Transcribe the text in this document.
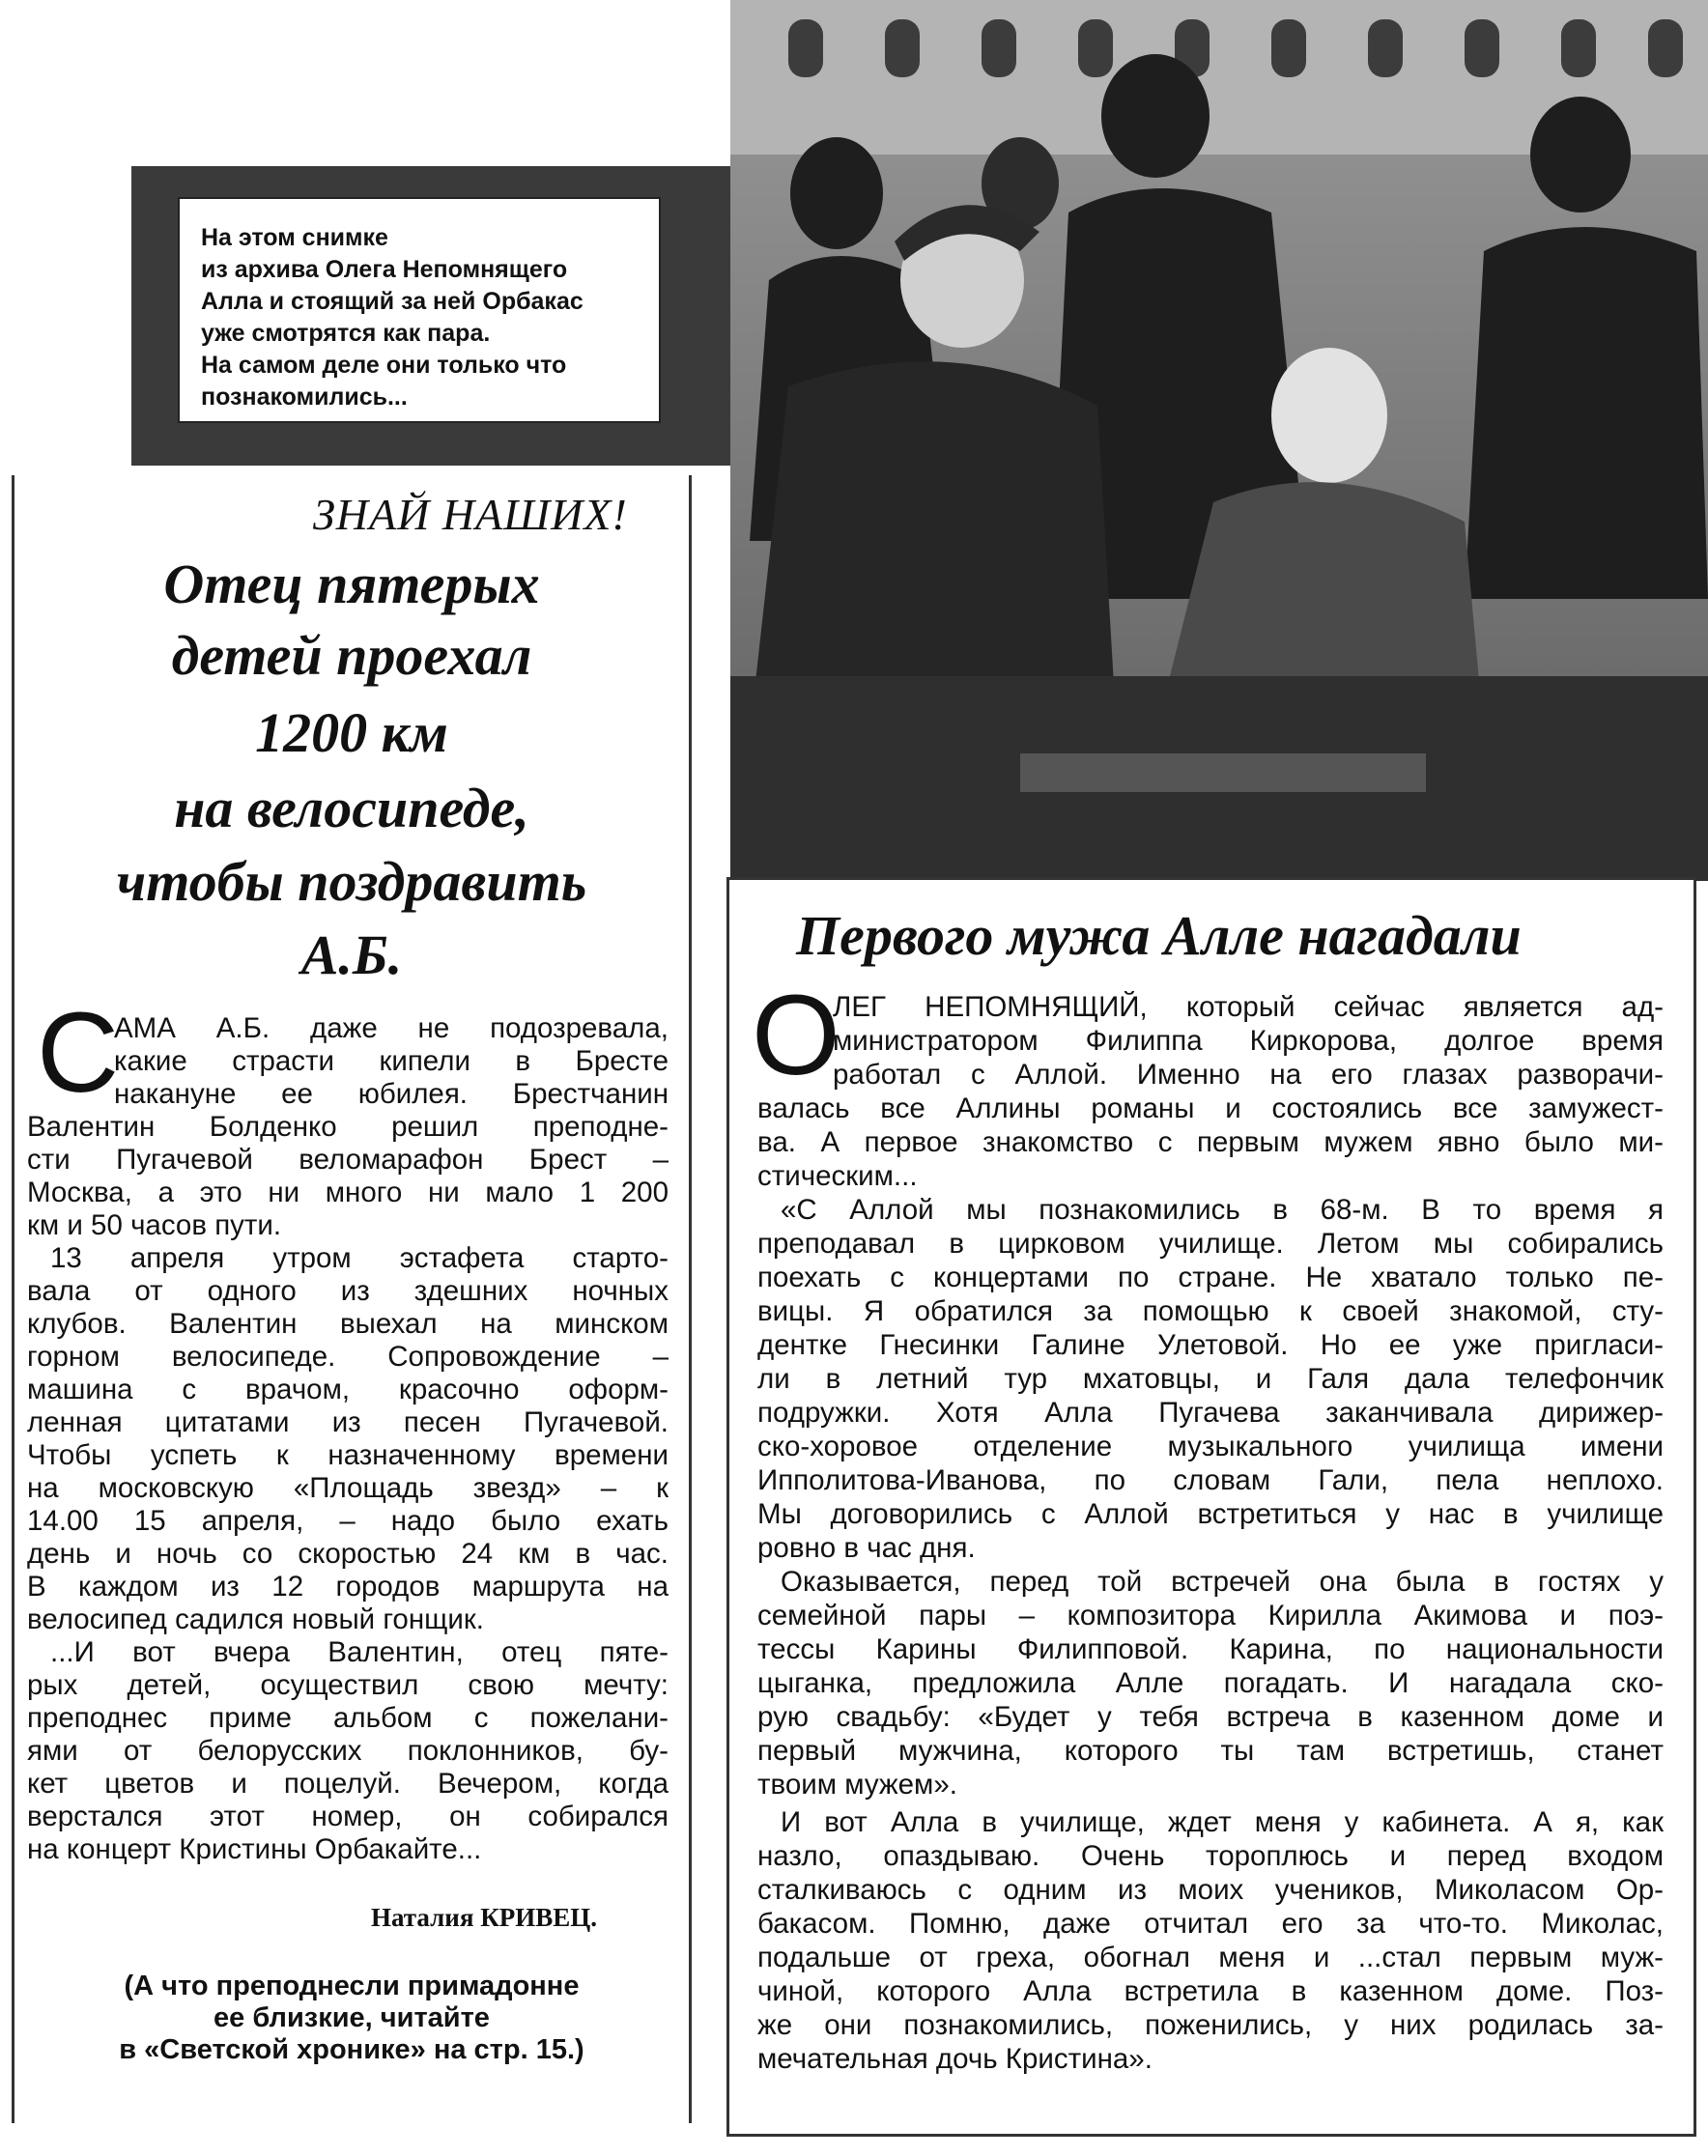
На этом снимке
из архива Олега Непомнящего
Алла и стоящий за ней Орбакас
уже смотрятся как пара.
На самом деле они только что
познакомились...
ЗНАЙ НАШИХ!
Отец пятерых
детей проехал
1200 км
на велосипеде,
чтобы поздравить
А.Б.
С
АМА А.Б. даже не подозревала,
какие страсти кипели в Бресте
накануне ее юбилея. Брестчанин
Валентин Болденко решил преподне-
сти Пугачевой веломарафон Брест –
Москва, а это ни много ни мало 1 200
км и 50 часов пути.
13 апреля утром эстафета старто-
вала от одного из здешних ночных
клубов. Валентин выехал на минском
горном велосипеде. Сопровождение –
машина с врачом, красочно оформ-
ленная цитатами из песен Пугачевой.
Чтобы успеть к назначенному времени
на московскую «Площадь звезд» – к
14.00 15 апреля, – надо было ехать
день и ночь со скоростью 24 км в час.
В каждом из 12 городов маршрута на
велосипед садился новый гонщик.
...И вот вчера Валентин, отец пяте-
рых детей, осуществил свою мечту:
преподнес приме альбом с пожелани-
ями от белорусских поклонников, бу-
кет цветов и поцелуй. Вечером, когда
верстался этот номер, он собирался
на концерт Кристины Орбакайте...
Наталия КРИВЕЦ.
(А что преподнесли примадонне
ее близкие, читайте
в «Светской хронике» на стр. 15.)
Первого мужа Алле нагадали
О
ЛЕГ НЕПОМНЯЩИЙ, который сейчас является ад-
министратором Филиппа Киркорова, долгое время
работал с Аллой. Именно на его глазах разворачи-
валась все Аллины романы и состоялись все замужест-
ва. А первое знакомство с первым мужем явно было ми-
стическим...
«С Аллой мы познакомились в 68-м. В то время я
преподавал в цирковом училище. Летом мы собирались
поехать с концертами по стране. Не хватало только пе-
вицы. Я обратился за помощью к своей знакомой, сту-
дентке Гнесинки Галине Улетовой. Но ее уже пригласи-
ли в летний тур мхатовцы, и Галя дала телефончик
подружки. Хотя Алла Пугачева заканчивала дирижер-
ско-хоровое отделение музыкального училища имени
Ипполитова-Иванова, по словам Гали, пела неплохо.
Мы договорились с Аллой встретиться у нас в училище
ровно в час дня.
Оказывается, перед той встречей она была в гостях у
семейной пары – композитора Кирилла Акимова и поэ-
тессы Карины Филипповой. Карина, по национальности
цыганка, предложила Алле погадать. И нагадала ско-
рую свадьбу: «Будет у тебя встреча в казенном доме и
первый мужчина, которого ты там встретишь, станет
твоим мужем».
И вот Алла в училище, ждет меня у кабинета. А я, как
назло, опаздываю. Очень тороплюсь и перед входом
сталкиваюсь с одним из моих учеников, Миколасом Ор-
бакасом. Помню, даже отчитал его за что-то. Миколас,
подальше от греха, обогнал меня и ...стал первым муж-
чиной, которого Алла встретила в казенном доме. Поз-
же они познакомились, поженились, у них родилась за-
мечательная дочь Кристина».
